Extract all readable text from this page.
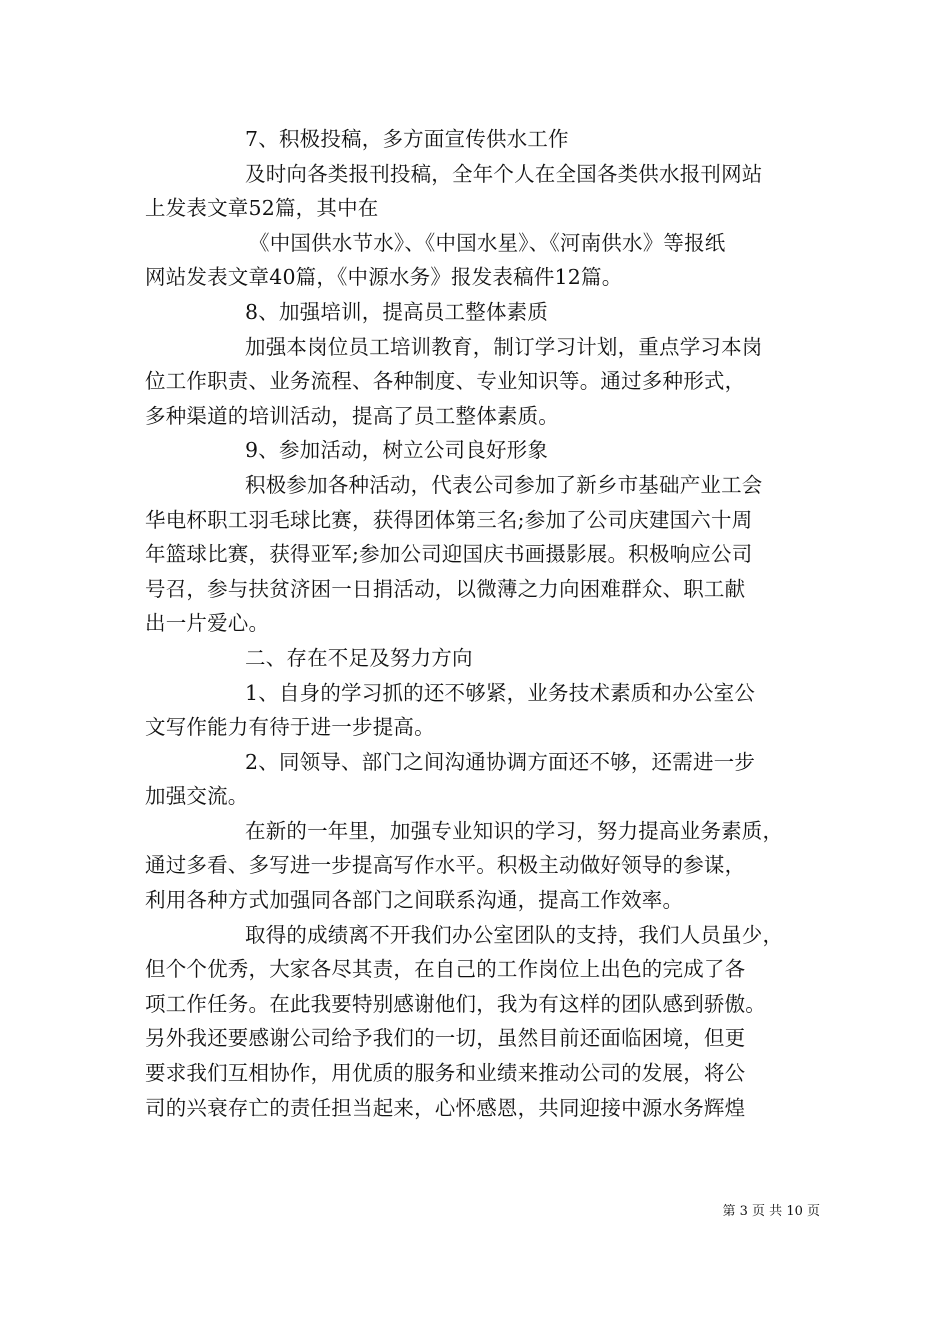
7、积极投稿，多方面宣传供水工作
及时向各类报刊投稿，全年个人在全国各类供水报刊网站
上发表文章52篇，其中在
《中国供水节水》、《中国水星》、《河南供水》等报纸
网站发表文章40篇，《中源水务》报发表稿件12篇。
8、加强培训，提高员工整体素质
加强本岗位员工培训教育，制订学习计划，重点学习本岗
位工作职责、业务流程、各种制度、专业知识等。通过多种形式，
多种渠道的培训活动，提高了员工整体素质。
9、参加活动，树立公司良好形象
积极参加各种活动，代表公司参加了新乡市基础产业工会
华电杯职工羽毛球比赛，获得团体第三名;参加了公司庆建国六十周
年篮球比赛，获得亚军;参加公司迎国庆书画摄影展。积极响应公司
号召，参与扶贫济困一日捐活动，以微薄之力向困难群众、职工献
出一片爱心。
二、存在不足及努力方向
1、自身的学习抓的还不够紧，业务技术素质和办公室公
文写作能力有待于进一步提高。
2、同领导、部门之间沟通协调方面还不够，还需进一步
加强交流。
在新的一年里，加强专业知识的学习，努力提高业务素质，
通过多看、多写进一步提高写作水平。积极主动做好领导的参谋，
利用各种方式加强同各部门之间联系沟通，提高工作效率。
取得的成绩离不开我们办公室团队的支持，我们人员虽少，
但个个优秀，大家各尽其责，在自己的工作岗位上出色的完成了各
项工作任务。在此我要特别感谢他们，我为有这样的团队感到骄傲。
另外我还要感谢公司给予我们的一切，虽然目前还面临困境，但更
要求我们互相协作，用优质的服务和业绩来推动公司的发展，将公
司的兴衰存亡的责任担当起来，心怀感恩，共同迎接中源水务辉煌

第 3 页 共 10 页
